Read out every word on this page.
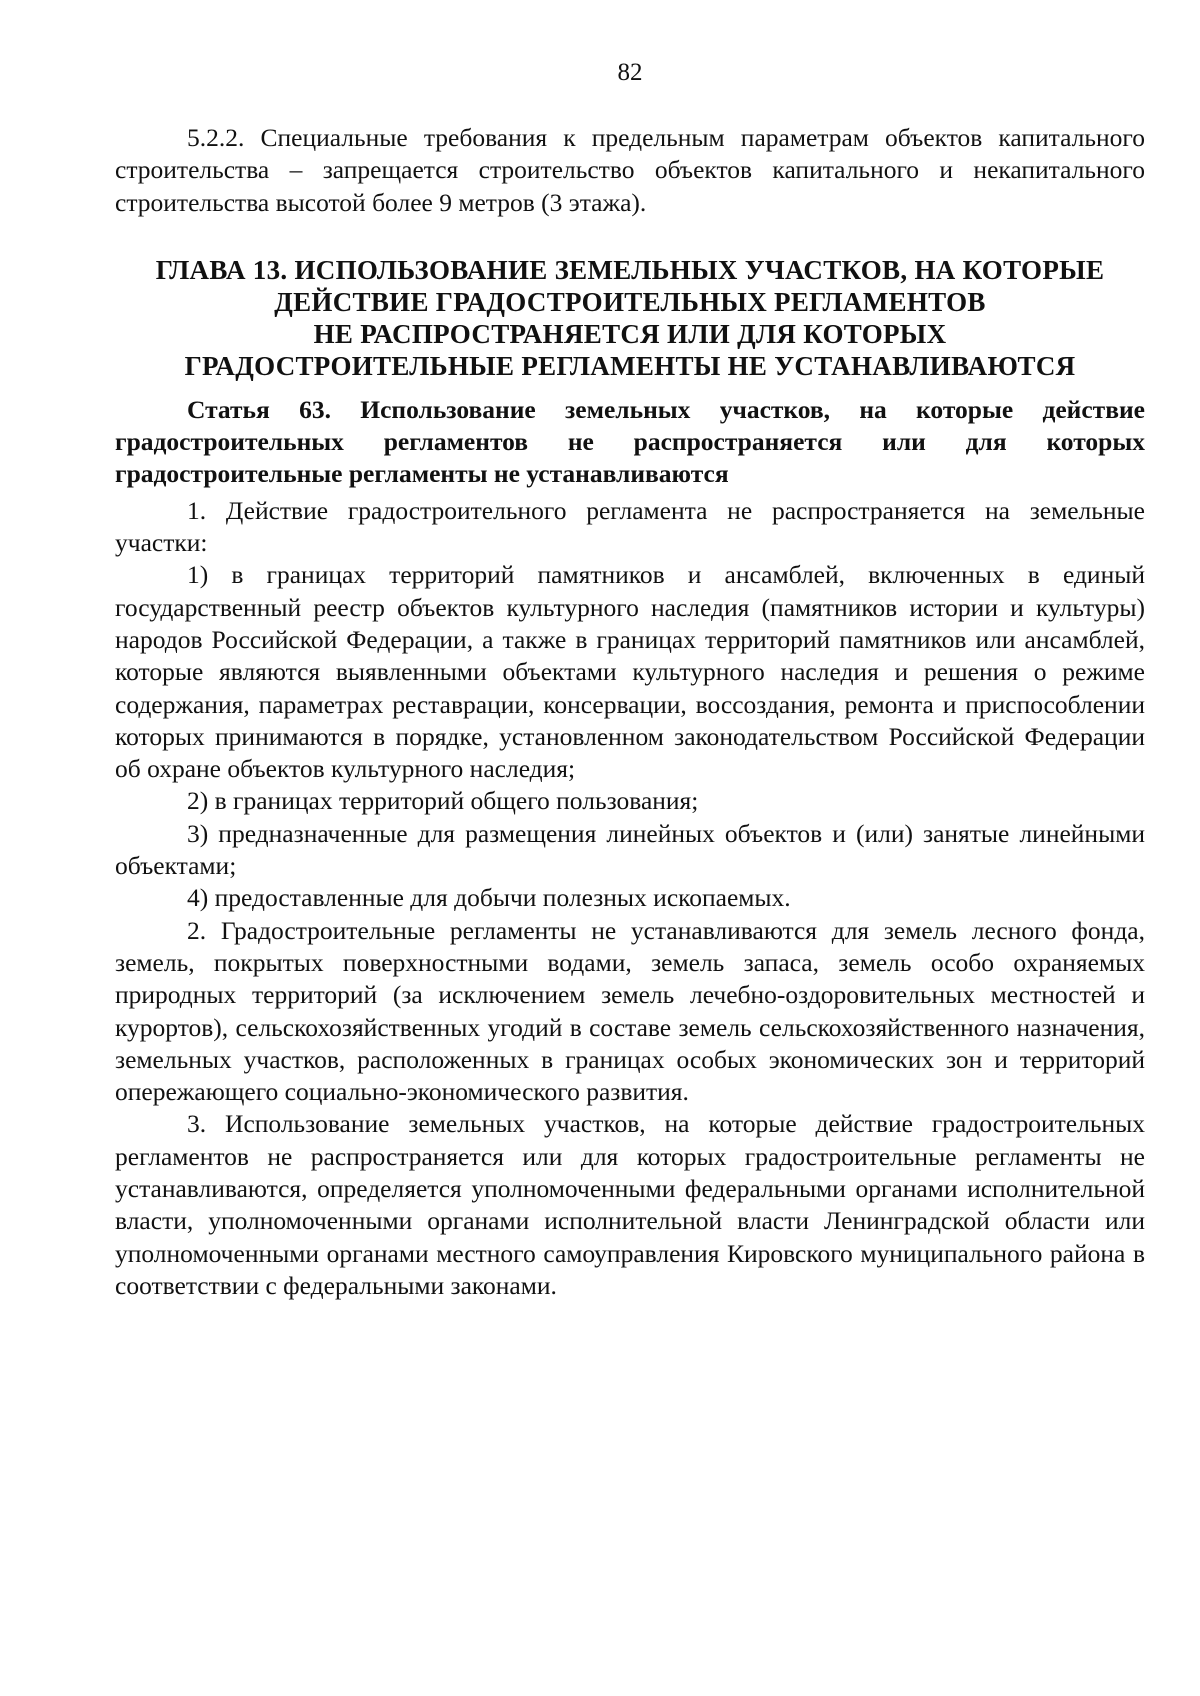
82

5.2.2. Специальные требования к предельным параметрам объектов капитального строительства – запрещается строительство объектов капитального и некапитального строительства высотой более 9 метров (3 этажа).

ГЛАВА 13. ИСПОЛЬЗОВАНИЕ ЗЕМЕЛЬНЫХ УЧАСТКОВ, НА КОТОРЫЕ
ДЕЙСТВИЕ ГРАДОСТРОИТЕЛЬНЫХ РЕГЛАМЕНТОВ
НЕ РАСПРОСТРАНЯЕТСЯ ИЛИ ДЛЯ КОТОРЫХ
ГРАДОСТРОИТЕЛЬНЫЕ РЕГЛАМЕНТЫ НЕ УСТАНАВЛИВАЮТСЯ

Статья 63. Использование земельных участков, на которые действие градостроительных регламентов не распространяется или для которых градостроительные регламенты не устанавливаются

1. Действие градостроительного регламента не распространяется на земельные участки:

1) в границах территорий памятников и ансамблей, включенных в единый государственный реестр объектов культурного наследия (памятников истории и культуры) народов Российской Федерации, а также в границах территорий памятников или ансамблей, которые являются выявленными объектами культурного наследия и решения о режиме содержания, параметрах реставрации, консервации, воссоздания, ремонта и приспособлении которых принимаются в порядке, установленном законодательством Российской Федерации об охране объектов культурного наследия;

2) в границах территорий общего пользования;

3) предназначенные для размещения линейных объектов и (или) занятые линейными объектами;

4) предоставленные для добычи полезных ископаемых.

2. Градостроительные регламенты не устанавливаются для земель лесного фонда, земель, покрытых поверхностными водами, земель запаса, земель особо охраняемых природных территорий (за исключением земель лечебно-оздоровительных местностей и курортов), сельскохозяйственных угодий в составе земель сельскохозяйственного назначения, земельных участков, расположенных в границах особых экономических зон и территорий опережающего социально-экономического развития.

3. Использование земельных участков, на которые действие градостроительных регламентов не распространяется или для которых градостроительные регламенты не устанавливаются, определяется уполномоченными федеральными органами исполнительной власти, уполномоченными органами исполнительной власти Ленинградской области или уполномоченными органами местного самоуправления Кировского муниципального района в соответствии с федеральными законами.
